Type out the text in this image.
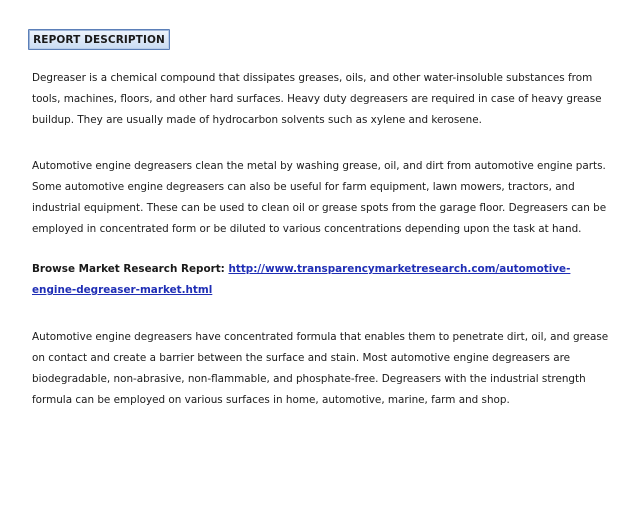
REPORT DESCRIPTION

Degreaser is a chemical compound that dissipates greases, oils, and other water-insoluble substances from tools, machines, floors, and other hard surfaces. Heavy duty degreasers are required in case of heavy grease buildup. They are usually made of hydrocarbon solvents such as xylene and kerosene.

Automotive engine degreasers clean the metal by washing grease, oil, and dirt from automotive engine parts. Some automotive engine degreasers can also be useful for farm equipment, lawn mowers, tractors, and industrial equipment. These can be used to clean oil or grease spots from the garage floor. Degreasers can be employed in concentrated form or be diluted to various concentrations depending upon the task at hand.

Browse Market Research Report: http://www.transparencymarketresearch.com/automotive-engine-degreaser-market.html

Automotive engine degreasers have concentrated formula that enables them to penetrate dirt, oil, and grease on contact and create a barrier between the surface and stain. Most automotive engine degreasers are biodegradable, non-abrasive, non-flammable, and phosphate-free. Degreasers with the industrial strength formula can be employed on various surfaces in home, automotive, marine, farm and shop.
